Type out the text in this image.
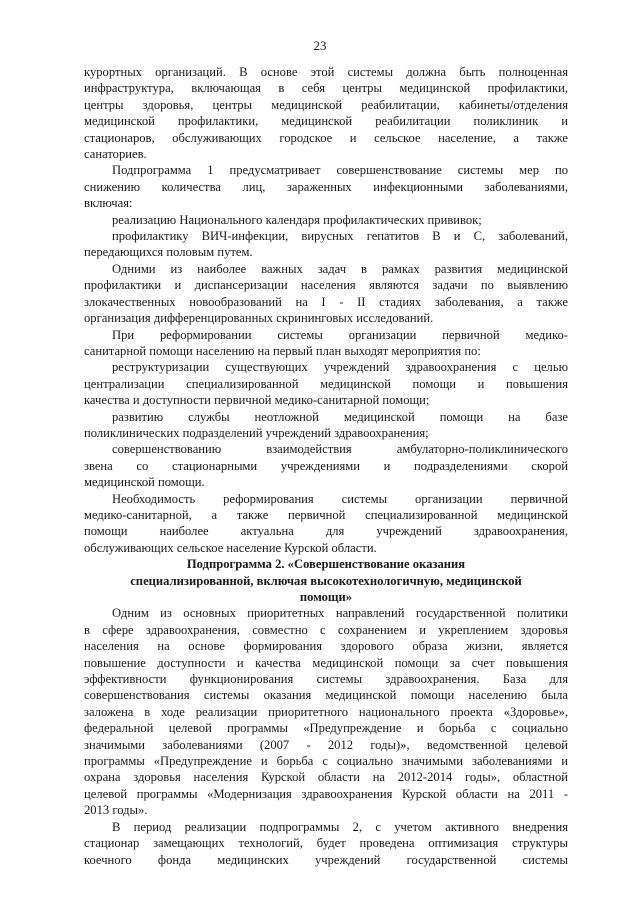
23
курортных организаций. В основе этой системы должна быть полноценная
инфраструктура, включающая в себя центры медицинской профилактики,
центры здоровья, центры медицинской реабилитации, кабинеты/отделения
медицинской профилактики, медицинской реабилитации поликлиник и
стационаров, обслуживающих городское и сельское население, а также
санаториев.
Подпрограмма 1 предусматривает совершенствование системы мер по
снижению количества лиц, зараженных инфекционными заболеваниями,
включая:
реализацию Национального календаря профилактических прививок;
профилактику ВИЧ-инфекции, вирусных гепатитов В и С, заболеваний,
передающихся половым путем.
Одними из наиболее важных задач в рамках развития медицинской
профилактики и диспансеризации населения являются задачи по выявлению
злокачественных новообразований на I - II стадиях заболевания, а также
организация дифференцированных скрининговых исследований.
При реформировании системы организации первичной медико-
санитарной помощи населению на первый план выходят мероприятия по:
реструктуризации существующих учреждений здравоохранения с целью
централизации специализированной медицинской помощи и повышения
качества и доступности первичной медико-санитарной помощи;
развитию службы неотложной медицинской помощи на базе
поликлинических подразделений учреждений здравоохранения;
совершенствованию взаимодействия амбулаторно-поликлинического
звена со стационарными учреждениями и подразделениями скорой
медицинской помощи.
Необходимость реформирования системы организации первичной
медико-санитарной, а также первичной специализированной медицинской
помощи наиболее актуальна для учреждений здравоохранения,
обслуживающих сельское население Курской области.
Подпрограмма 2. «Совершенствование оказания
специализированной, включая высокотехнологичную, медицинской
помощи»
Одним из основных приоритетных направлений государственной политики
в сфере здравоохранения, совместно с сохранением и укреплением здоровья
населения на основе формирования здорового образа жизни, является
повышение доступности и качества медицинской помощи за счет повышения
эффективности функционирования системы здравоохранения. База для
совершенствования системы оказания медицинской помощи населению была
заложена в ходе реализации приоритетного национального проекта «Здоровье»,
федеральной целевой программы «Предупреждение и борьба с социально
значимыми заболеваниями (2007 - 2012 годы)», ведомственной целевой
программы «Предупреждение и борьба с социально значимыми заболеваниями и
охрана здоровья населения Курской области на 2012-2014 годы», областной
целевой программы «Модернизация здравоохранения Курской области на 2011 -
2013 годы».
В период реализации подпрограммы 2, с учетом активного внедрения
стационар замещающих технологий, будет проведена оптимизация структуры
коечного фонда медицинских учреждений государственной системы
